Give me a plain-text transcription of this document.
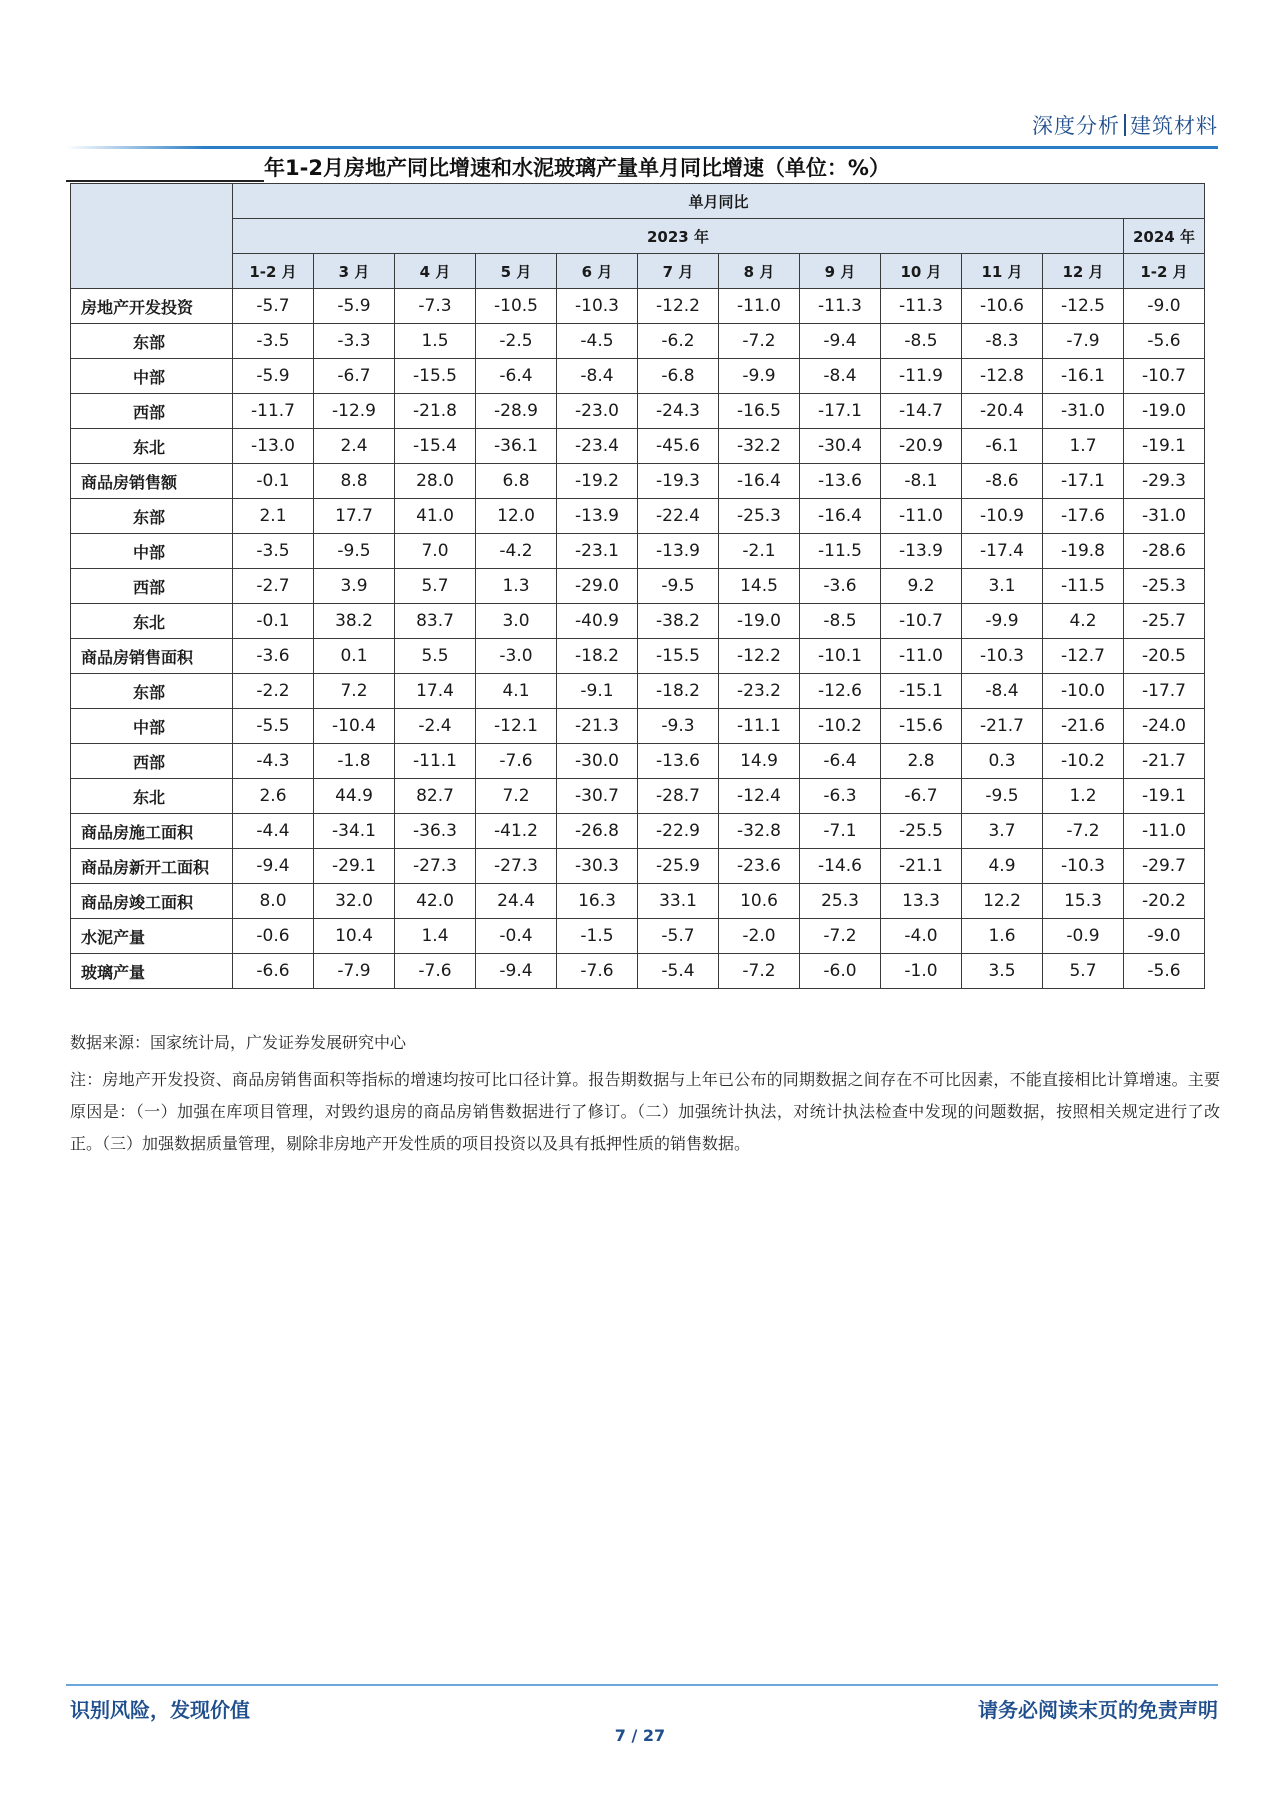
深度分析 建筑材料
年1-2月房地产同比增速和水泥玻璃产量单月同比增速（单位：%）
	单月同比											
	2023 年											2024 年
	1-2 月	3 月	4 月	5 月	6 月	7 月	8 月	9 月	10 月	11 月	12 月	1-2 月
房地产开发投资	-5.7	-5.9	-7.3	-10.5	-10.3	-12.2	-11.0	-11.3	-11.3	-10.6	-12.5	-9.0
东部	-3.5	-3.3	1.5	-2.5	-4.5	-6.2	-7.2	-9.4	-8.5	-8.3	-7.9	-5.6
中部	-5.9	-6.7	-15.5	-6.4	-8.4	-6.8	-9.9	-8.4	-11.9	-12.8	-16.1	-10.7
西部	-11.7	-12.9	-21.8	-28.9	-23.0	-24.3	-16.5	-17.1	-14.7	-20.4	-31.0	-19.0
东北	-13.0	2.4	-15.4	-36.1	-23.4	-45.6	-32.2	-30.4	-20.9	-6.1	1.7	-19.1
商品房销售额	-0.1	8.8	28.0	6.8	-19.2	-19.3	-16.4	-13.6	-8.1	-8.6	-17.1	-29.3
东部	2.1	17.7	41.0	12.0	-13.9	-22.4	-25.3	-16.4	-11.0	-10.9	-17.6	-31.0
中部	-3.5	-9.5	7.0	-4.2	-23.1	-13.9	-2.1	-11.5	-13.9	-17.4	-19.8	-28.6
西部	-2.7	3.9	5.7	1.3	-29.0	-9.5	14.5	-3.6	9.2	3.1	-11.5	-25.3
东北	-0.1	38.2	83.7	3.0	-40.9	-38.2	-19.0	-8.5	-10.7	-9.9	4.2	-25.7
商品房销售面积	-3.6	0.1	5.5	-3.0	-18.2	-15.5	-12.2	-10.1	-11.0	-10.3	-12.7	-20.5
东部	-2.2	7.2	17.4	4.1	-9.1	-18.2	-23.2	-12.6	-15.1	-8.4	-10.0	-17.7
中部	-5.5	-10.4	-2.4	-12.1	-21.3	-9.3	-11.1	-10.2	-15.6	-21.7	-21.6	-24.0
西部	-4.3	-1.8	-11.1	-7.6	-30.0	-13.6	14.9	-6.4	2.8	0.3	-10.2	-21.7
东北	2.6	44.9	82.7	7.2	-30.7	-28.7	-12.4	-6.3	-6.7	-9.5	1.2	-19.1
商品房施工面积	-4.4	-34.1	-36.3	-41.2	-26.8	-22.9	-32.8	-7.1	-25.5	3.7	-7.2	-11.0
商品房新开工面积	-9.4	-29.1	-27.3	-27.3	-30.3	-25.9	-23.6	-14.6	-21.1	4.9	-10.3	-29.7
商品房竣工面积	8.0	32.0	42.0	24.4	16.3	33.1	10.6	25.3	13.3	12.2	15.3	-20.2
水泥产量	-0.6	10.4	1.4	-0.4	-1.5	-5.7	-2.0	-7.2	-4.0	1.6	-0.9	-9.0
玻璃产量	-6.6	-7.9	-7.6	-9.4	-7.6	-5.4	-7.2	-6.0	-1.0	3.5	5.7	-5.6
数据来源：国家统计局，广发证券发展研究中心
注：房地产开发投资、商品房销售面积等指标的增速均按可比口径计算。报告期数据与上年已公布的同期数据之间存在不可比因素，不能直接相比计算增速。主要原因是：（一）加强在库项目管理，对毁约退房的商品房销售数据进行了修订。（二）加强统计执法，对统计执法检查中发现的问题数据，按照相关规定进行了改正。（三）加强数据质量管理，剔除非房地产开发性质的项目投资以及具有抵押性质的销售数据。
识别风险，发现价值	请务必阅读末页的免责声明
7 / 27
